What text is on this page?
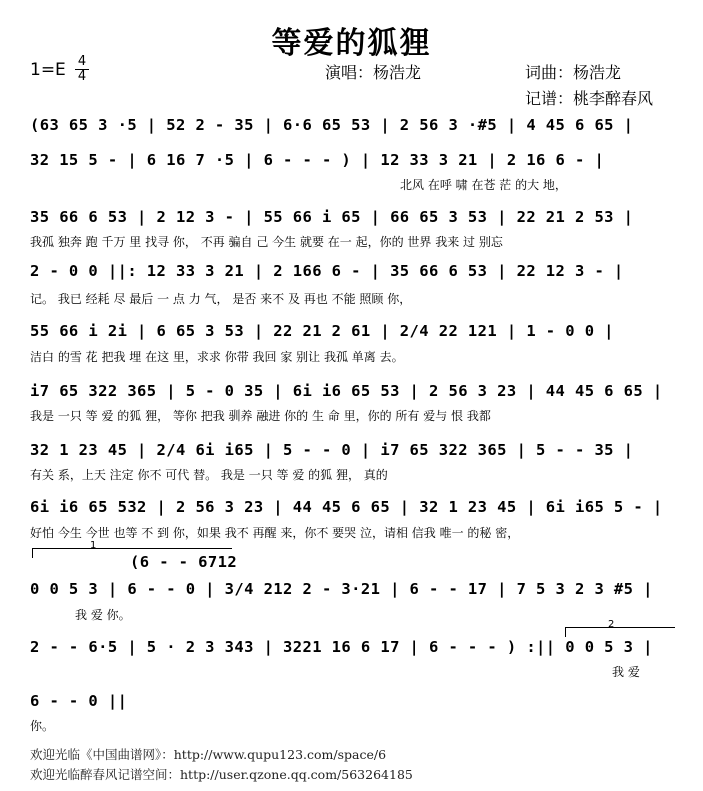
等爱的狐狸
演唱：杨浩龙	词曲：杨浩龙
记谱：桃李醉春风
1=E 4
4
(63 65 3 ·5 | 52 2 - 35 | 6·6 65 53 | 2 56 3 ·#5 | 4 45 6 65 |
32 15 5 - | 6 16 7 ·5 | 6 - - - ) | 12 33 3 21 | 2 16 6 - |
北风 在呼 啸 在苍 茫 的大 地，
35 66 6 53 | 2 12 3 - | 55 66 i 65 | 66 65 3 53 | 22 21 2 53 |
我孤 独奔 跑 千万 里 找寻 你， 不再 骗自 己 今生 就要 在一 起，你的 世界 我来 过 别忘
2 - 0 0 ||: 12 33 3 21 | 2 166 6 - | 35 66 6 53 | 22 12 3 - |
记。 我已 经耗 尽 最后 一 点 力 气， 是否 来不 及 再也 不能 照顾 你，
55 66 i 2i | 6 65 3 53 | 22 21 2 61 | 2/4 22 121 | 1 - 0 0 |
洁白 的雪 花 把我 埋 在这 里，求求 你带 我回 家 别让 我孤 单离 去。
i7 65 322 365 | 5 - 0 35 | 6i i6 65 53 | 2 56 3 23 | 44 45 6 65 |
我是 一只 等 爱 的狐 狸， 等你 把我 驯养 融进 你的 生 命 里，你的 所有 爱与 恨 我都
32 1 23 45 | 2/4 6i i65 | 5 - - 0 | i7 65 322 365 | 5 - - 35 |
有关 系，上天 注定 你不 可代 替。 我是 一只 等 爱 的狐 狸， 真的
6i i6 65 532 | 2 56 3 23 | 44 45 6 65 | 32 1 23 45 | 6i i65 5 - |
好怕 今生 今世 也等 不 到 你，如果 我不 再醒 来，你不 要哭 泣，请相 信我 唯一 的秘 密，
1
(6 - - 6712
0 0 5 3 | 6 - - 0 | 3/4 212 2 - 3·21 | 6 - - 17 | 7 5 3 2 3 #5 |
我 爱 你。
2
2 - - 6·5 | 5 · 2 3 343 | 3221 16 6 17 | 6 - - - ) :|| 0 0 5 3 |
我 爱
6 - - 0 ||
你。
欢迎光临《中国曲谱网》：http://www.qupu123.com/space/6
欢迎光临醉春风记谱空间：http://user.qzone.qq.com/563264185
